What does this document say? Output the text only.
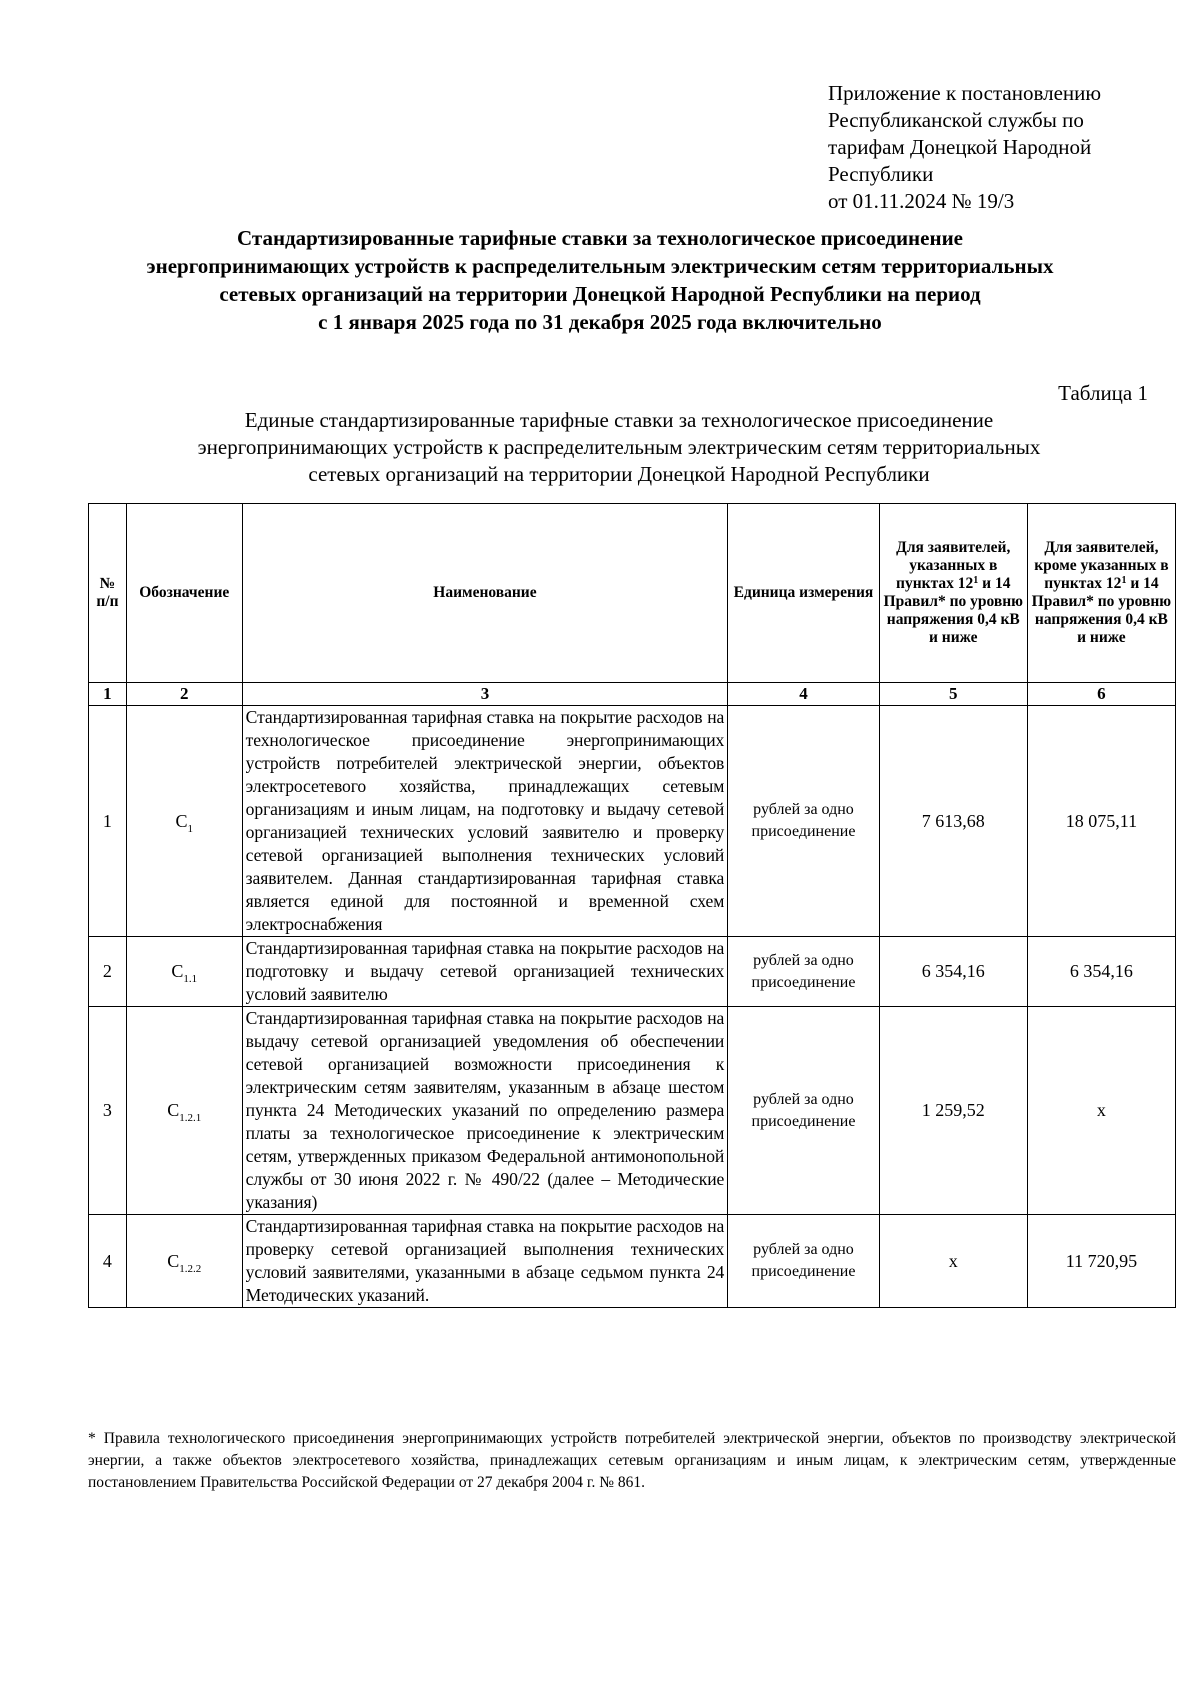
Приложение к постановлению
Республиканской службы по
тарифам Донецкой Народной
Республики
от 01.11.2024 № 19/3
Стандартизированные тарифные ставки за технологическое присоединение
энергопринимающих устройств к распределительным электрическим сетям территориальных
сетевых организаций на территории Донецкой Народной Республики на период
с 1 января 2025 года по 31 декабря 2025 года включительно
Таблица 1
Единые стандартизированные тарифные ставки за технологическое присоединение
энергопринимающих устройств к распределительным электрическим сетям территориальных
сетевых организаций на территории Донецкой Народной Республики
№ п/п	Обозначение	Наименование	Единица измерения	Для заявителей, указанных в пунктах $12^1$ и 14 Правил* по уровню напряжения 0,4 кВ и ниже	Для заявителей, кроме указанных в пунктах $12^1$ и 14 Правил* по уровню напряжения 0,4 кВ и ниже
1	2	3	4	5	6
1	$С_1$	Стандартизированная тарифная ставка на покрытие расходов на технологическое присоединение энергопринимающих устройств потребителей электрической энергии, объектов электросетевого хозяйства, принадлежащих сетевым организациям и иным лицам, на подготовку и выдачу сетевой организацией технических условий заявителю и проверку сетевой организацией выполнения технических условий заявителем. Данная стандартизированная тарифная ставка является единой для постоянной и временной схем электроснабжения	рублей за одно присоединение	7 613,68	18 075,11
2	$С_{1.1}$	Стандартизированная тарифная ставка на покрытие расходов на подготовку и выдачу сетевой организацией технических условий заявителю	рублей за одно присоединение	6 354,16	6 354,16
3	$С_{1.2.1}$	Стандартизированная тарифная ставка на покрытие расходов на выдачу сетевой организацией уведомления об обеспечении сетевой организацией возможности присоединения к электрическим сетям заявителям, указанным в абзаце шестом пункта 24 Методических указаний по определению размера платы за технологическое присоединение к электрическим сетям, утвержденных приказом Федеральной антимонопольной службы от 30 июня 2022 г. № 490/22 (далее – Методические указания)	рублей за одно присоединение	1 259,52	х
4	$С_{1.2.2}$	Стандартизированная тарифная ставка на покрытие расходов на проверку сетевой организацией выполнения технических условий заявителями, указанными в абзаце седьмом пункта 24 Методических указаний.	рублей за одно присоединение	х	11 720,95
* Правила технологического присоединения энергопринимающих устройств потребителей электрической энергии, объектов по производству электрической энергии, а также объектов электросетевого хозяйства, принадлежащих сетевым организациям и иным лицам, к электрическим сетям, утвержденные постановлением Правительства Российской Федерации от 27 декабря 2004 г. № 861.
